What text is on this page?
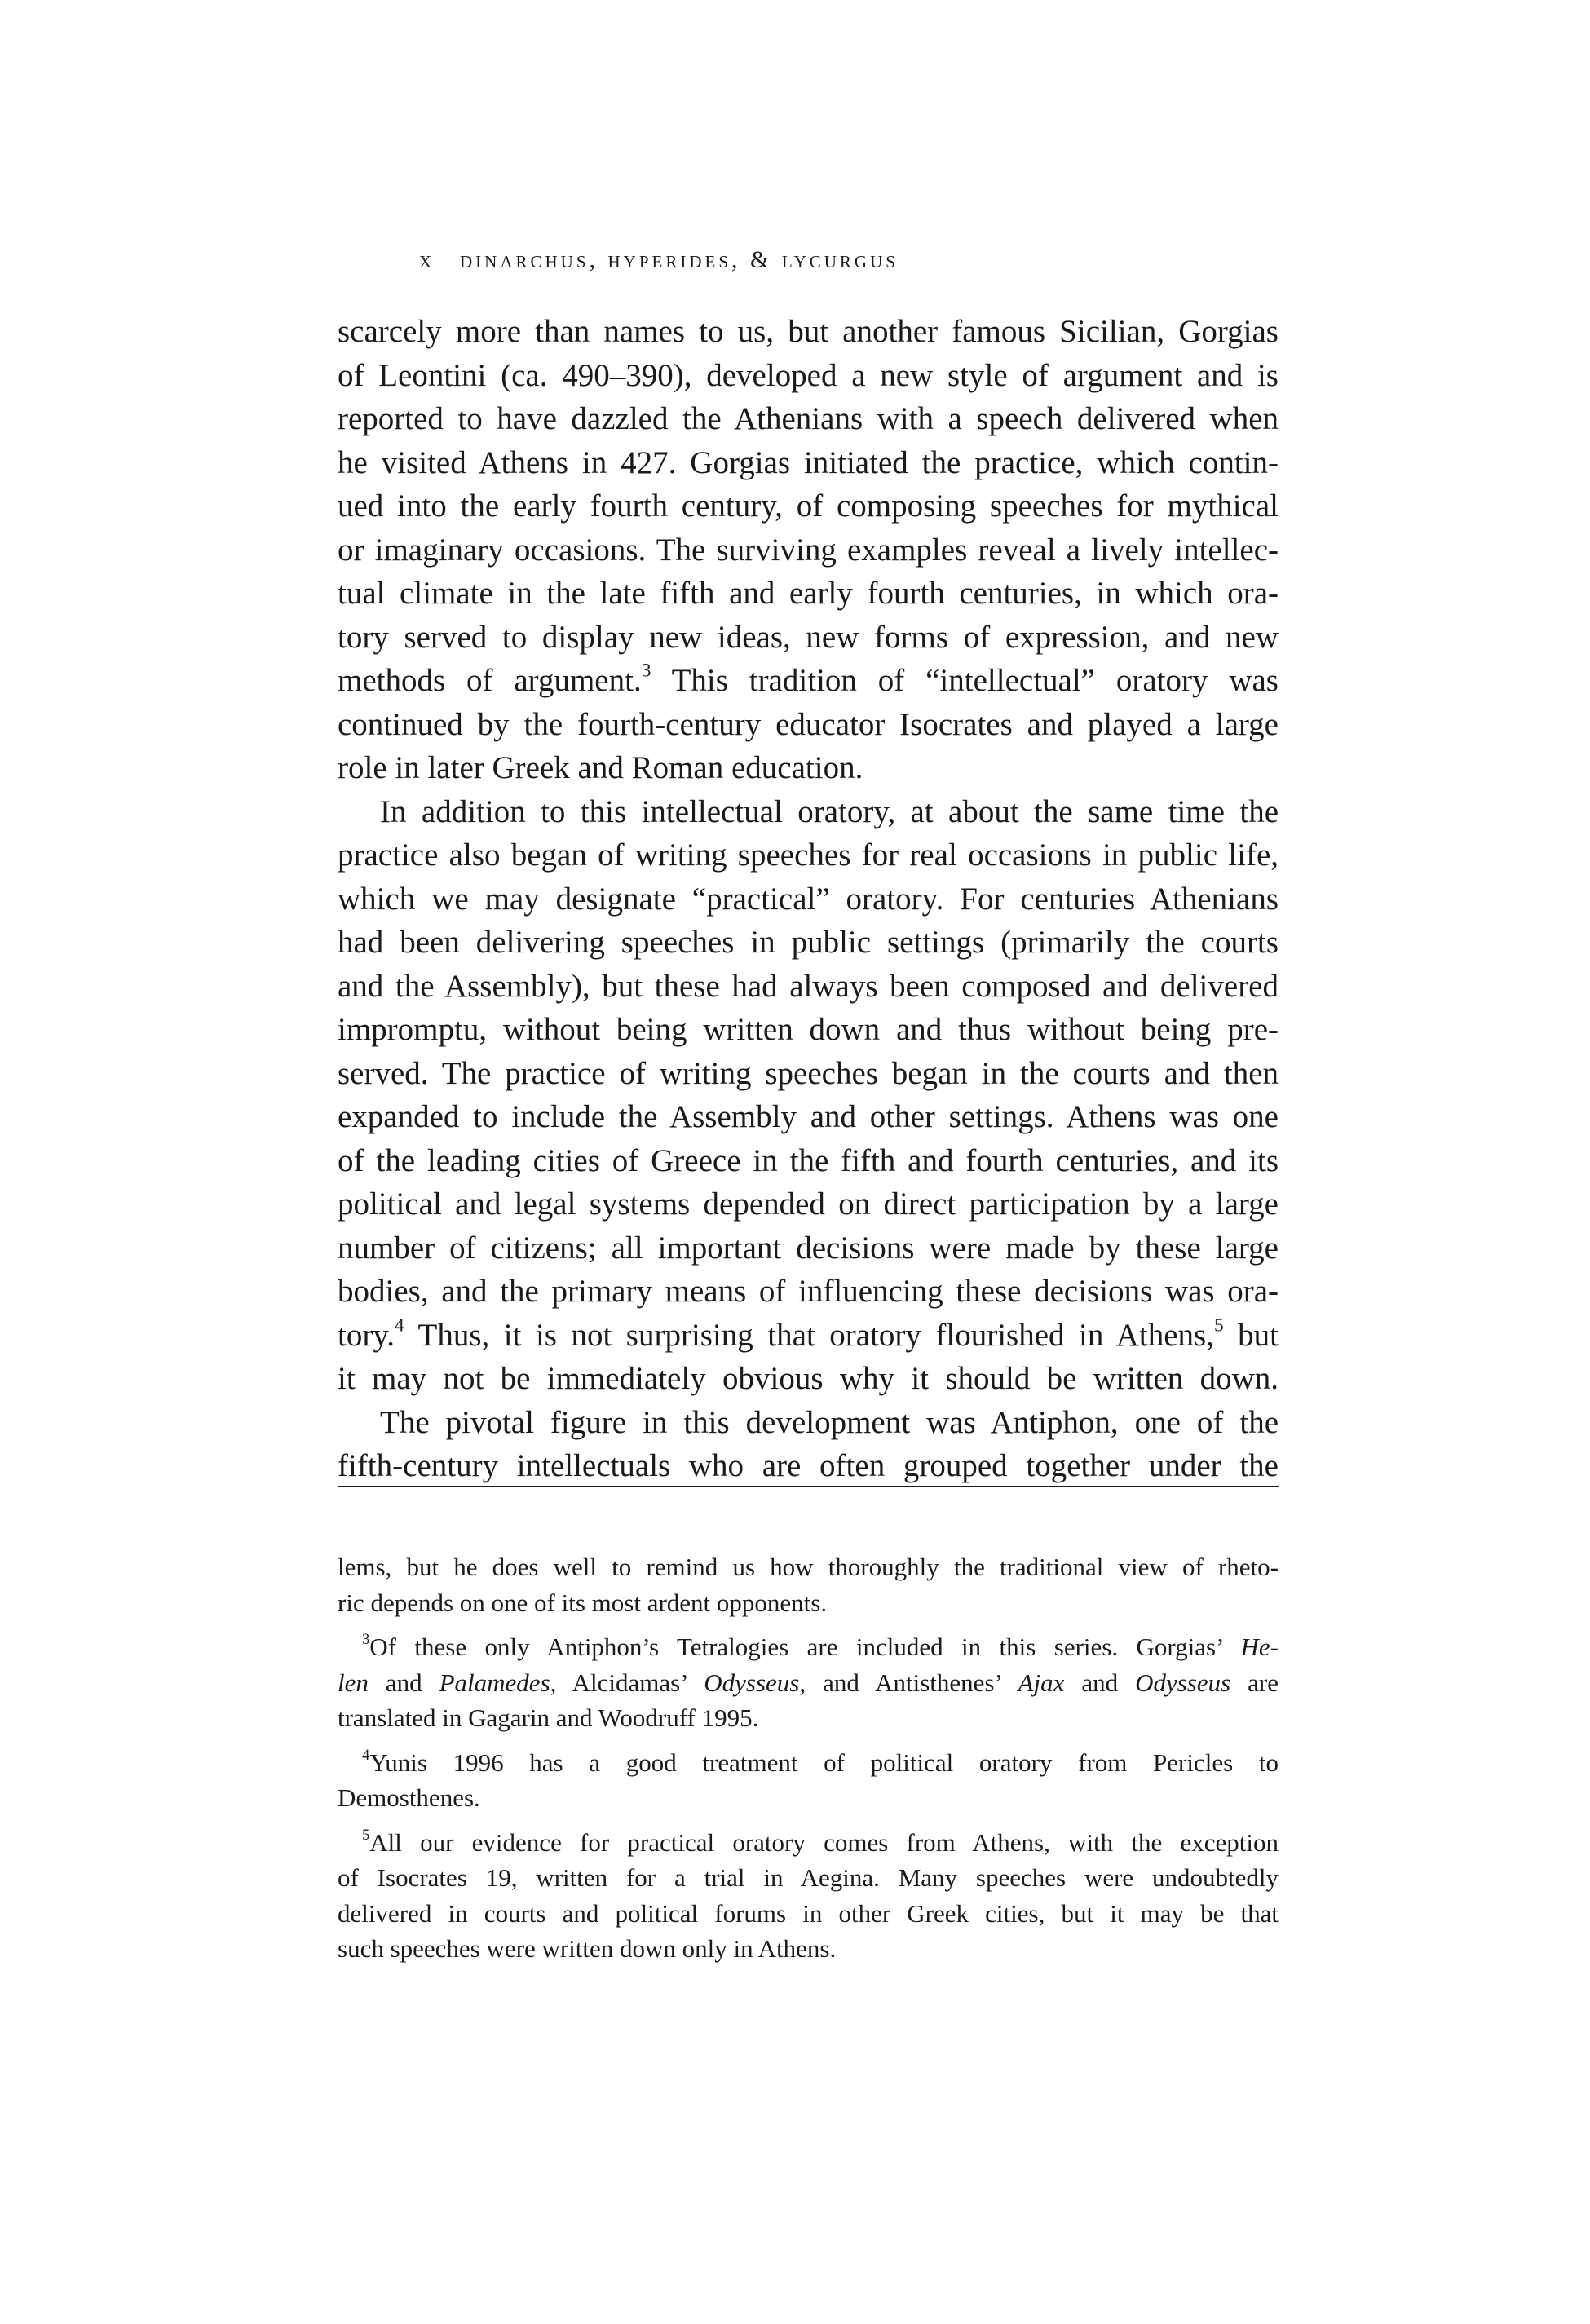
x dinarchus, hyperides, & lycurgus
scarcely more than names to us, but another famous Sicilian, Gorgias
of Leontini (ca. 490–390), developed a new style of argument and is
reported to have dazzled the Athenians with a speech delivered when
he visited Athens in 427. Gorgias initiated the practice, which contin-
ued into the early fourth century, of composing speeches for mythical
or imaginary occasions. The surviving examples reveal a lively intellec-
tual climate in the late fifth and early fourth centuries, in which ora-
tory served to display new ideas, new forms of expression, and new
methods of argument.$^3$ This tradition of “intellectual” oratory was
continued by the fourth-century educator Isocrates and played a large
role in later Greek and Roman education.
In addition to this intellectual oratory, at about the same time the
practice also began of writing speeches for real occasions in public life,
which we may designate “practical” oratory. For centuries Athenians
had been delivering speeches in public settings (primarily the courts
and the Assembly), but these had always been composed and delivered
impromptu, without being written down and thus without being pre-
served. The practice of writing speeches began in the courts and then
expanded to include the Assembly and other settings. Athens was one
of the leading cities of Greece in the fifth and fourth centuries, and its
political and legal systems depended on direct participation by a large
number of citizens; all important decisions were made by these large
bodies, and the primary means of influencing these decisions was ora-
tory.$^4$ Thus, it is not surprising that oratory flourished in Athens,$^5$ but
it may not be immediately obvious why it should be written down.
The pivotal figure in this development was Antiphon, one of the
fifth-century intellectuals who are often grouped together under the
lems, but he does well to remind us how thoroughly the traditional view of rheto-
ric depends on one of its most ardent opponents.
$^3$Of these only Antiphon’s Tetralogies are included in this series. Gorgias’ He-
len and Palamedes, Alcidamas’ Odysseus, and Antisthenes’ Ajax and Odysseus are
translated in Gagarin and Woodruff 1995.
$^4$Yunis 1996 has a good treatment of political oratory from Pericles to
Demosthenes.
$^5$All our evidence for practical oratory comes from Athens, with the exception
of Isocrates 19, written for a trial in Aegina. Many speeches were undoubtedly
delivered in courts and political forums in other Greek cities, but it may be that
such speeches were written down only in Athens.
